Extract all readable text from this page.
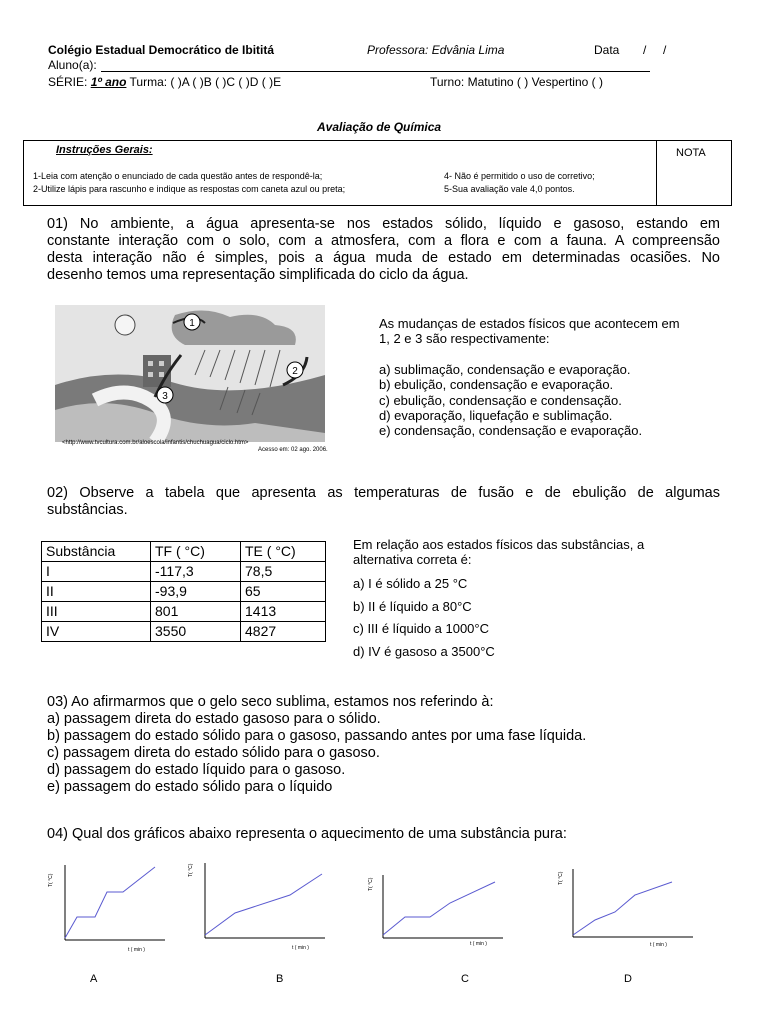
Colégio Estadual Democrático de Ibititá	Professora: Edvânia Lima	Data /     /
Aluno(a):
SÉRIE: 1º ano Turma: ( )A ( )B ( )C ( )D ( )E	Turno: Matutino ( ) Vespertino ( )
Avaliação de Química
Instruções Gerais:
1-Leia com atenção o enunciado de cada questão antes de respondê-la;
2-Utilize lápis para rascunho e indique as respostas com caneta azul ou preta;
4- Não é permitido o uso de corretivo;
5-Sua avaliação vale 4,0 pontos.
NOTA
01) No ambiente, a água apresenta-se nos estados sólido, líquido e gasoso, estando em
constante interação com o solo, com a atmosfera, com a flora e com a fauna. A compreensão
desta interação não é simples, pois a água muda de estado em determinadas ocasiões. No
desenho temos uma representação simplificada do ciclo da água.
1
2
3
<http://www.tvcultura.com.br/aloescola/infantis/chuchuagua/ciclo.htm>
Acesso em: 02 ago. 2006.
As mudanças de estados físicos que acontecem em
1, 2 e 3 são respectivamente:
a) sublimação, condensação e evaporação.
b) ebulição, condensação e evaporação.
c) ebulição, condensação e condensação.
d) evaporação, liquefação e sublimação.
e) condensação, condensação e evaporação.
02) Observe a tabela que apresenta as temperaturas de fusão e de ebulição de algumas
substâncias.
Substância	TF ( °C)	TE ( °C)
I	-117,3	78,5
II	-93,9	65
III	801	1413
IV	3550	4827
Em relação aos estados físicos das substâncias, a
alternativa correta é:
a) I é sólido a 25 °C
b) II é líquido a 80°C
c) III é líquido a 1000°C
d) IV é gasoso a 3500°C
03) Ao afirmarmos que o gelo seco sublima, estamos nos referindo à:
a) passagem direta do estado gasoso para o sólido.
b) passagem do estado sólido para o gasoso, passando antes por uma fase líquida.
c) passagem direta do estado sólido para o gasoso.
d) passagem do estado líquido para o gasoso.
e) passagem do estado sólido para o líquido
04) Qual dos gráficos abaixo representa o aquecimento de uma substância pura:
T( °C)
t ( min )
T( °C)
t ( min )
T( °C)
t ( min )
T( °C)
t ( min )
A	B	C	D
